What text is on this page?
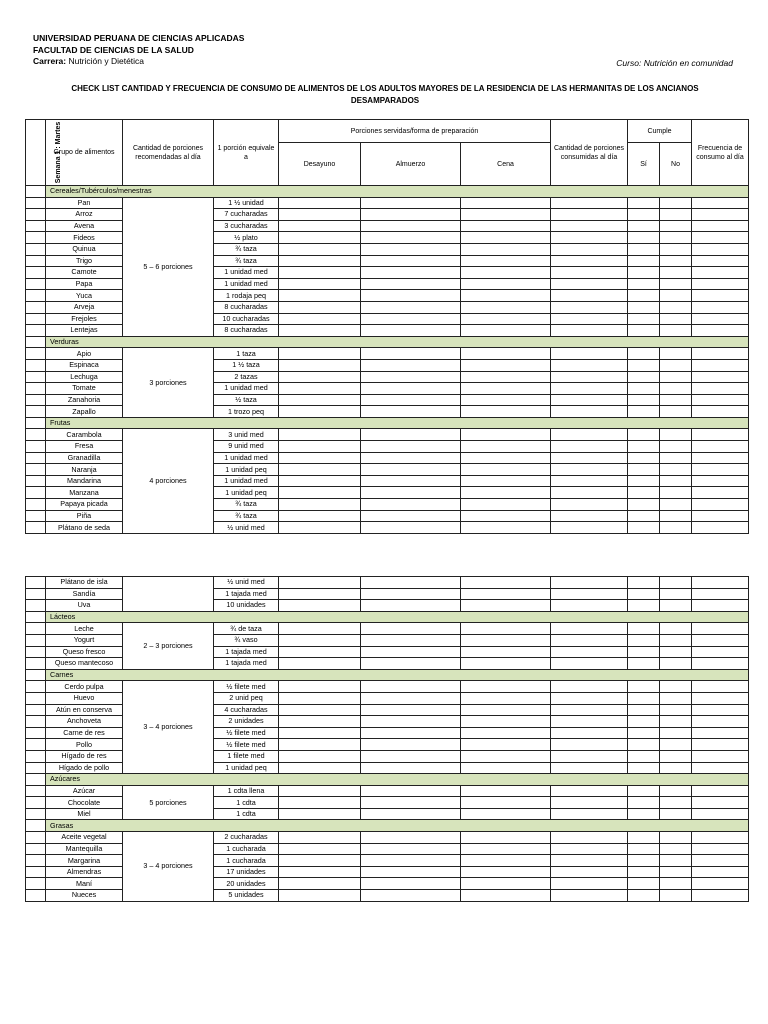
UNIVERSIDAD PERUANA DE CIENCIAS APLICADAS
FACULTAD DE CIENCIAS DE LA SALUD
Carrera: Nutrición y Dietética	Curso: Nutrición en comunidad
CHECK LIST CANTIDAD Y FRECUENCIA DE CONSUMO DE ALIMENTOS DE LOS ADULTOS MAYORES DE LA RESIDENCIA DE LAS HERMANITAS DE LOS ANCIANOS DESAMPARADOS
Semana 1 : Martes	Grupo de alimentos	Cantidad de porciones recomendadas al día	1 porción equivale a	Porciones servidas/forma de preparación			Cantidad de porciones consumidas al día	Cumple		Frecuencia de consumo al día
				Desayuno	Almuerzo	Cena		Sí	No	
	Cereales/Tubérculos/menestras									
	Pan	5 – 6 porciones	1 ½ unidad							
	Arroz		7 cucharadas							
	Avena		3 cucharadas							
	Fideos		½ plato							
	Quinua		¾ taza							
	Trigo		¾ taza							
	Camote		1 unidad med							
	Papa		1 unidad med							
	Yuca		1 rodaja peq							
	Arveja		8 cucharadas							
	Frejoles		10 cucharadas							
	Lentejas		8 cucharadas							
	Verduras									
	Apio	3 porciones	1 taza							
	Espinaca		1 ½ taza							
	Lechuga		2 tazas							
	Tomate		1 unidad med							
	Zanahoria		½ taza							
	Zapallo		1 trozo peq							
	Frutas									
	Carambola	4 porciones	3 unid med							
	Fresa		9 unid med							
	Granadilla		1 unidad med							
	Naranja		1 unidad peq							
	Mandarina		1 unidad med							
	Manzana		1 unidad peq							
	Papaya picada		¾ taza							
	Piña		¾ taza							
	Plátano de seda		½ unid med							
	Plátano de isla		½ unid med							
	Sandía		1 tajada med							
	Uva		10 unidades							
	Lácteos									
	Leche	2 – 3 porciones	¾ de taza							
	Yogurt		¾ vaso							
	Queso fresco		1 tajada med							
	Queso mantecoso		1 tajada med							
	Carnes									
	Cerdo pulpa	3 – 4 porciones	½ filete med							
	Huevo		2 unid peq							
	Atún en conserva		4 cucharadas							
	Anchoveta		2 unidades							
	Carne de res		½ filete med							
	Pollo		½ filete med							
	Hígado de res		1 filete med							
	Hígado de pollo		1 unidad peq							
	Azúcares									
	Azúcar	5 porciones	1 cdta llena							
	Chocolate		1 cdta							
	Miel		1 cdta							
	Grasas									
	Aceite vegetal	3 – 4 porciones	2 cucharadas							
	Mantequilla		1 cucharada							
	Margarina		1 cucharada							
	Almendras		17 unidades							
	Maní		20 unidades							
	Nueces		5 unidades							
